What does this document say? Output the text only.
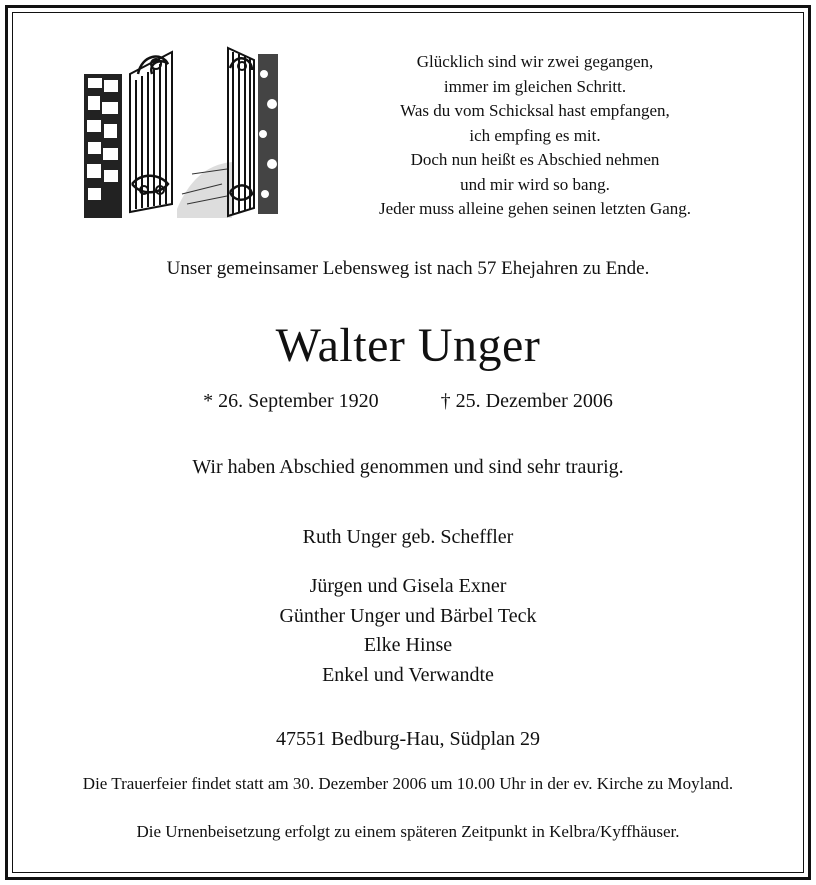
Glücklich sind wir zwei gegangen,
immer im gleichen Schritt.
Was du vom Schicksal hast empfangen,
ich empfing es mit.
Doch nun heißt es Abschied nehmen
und mir wird so bang.
Jeder muss alleine gehen seinen letzten Gang.
Unser gemeinsamer Lebensweg ist nach 57 Ehejahren zu Ende.
Walter Unger
* 26. September 1920	† 25. Dezember 2006
Wir haben Abschied genommen und sind sehr traurig.
Ruth Unger geb. Scheffler
Jürgen und Gisela Exner
Günther Unger und Bärbel Teck
Elke Hinse
Enkel und Verwandte
47551 Bedburg-Hau, Südplan 29
Die Trauerfeier findet statt am 30. Dezember 2006 um 10.00 Uhr in der ev. Kirche zu Moyland.
Die Urnenbeisetzung erfolgt zu einem späteren Zeitpunkt in Kelbra/Kyffhäuser.
